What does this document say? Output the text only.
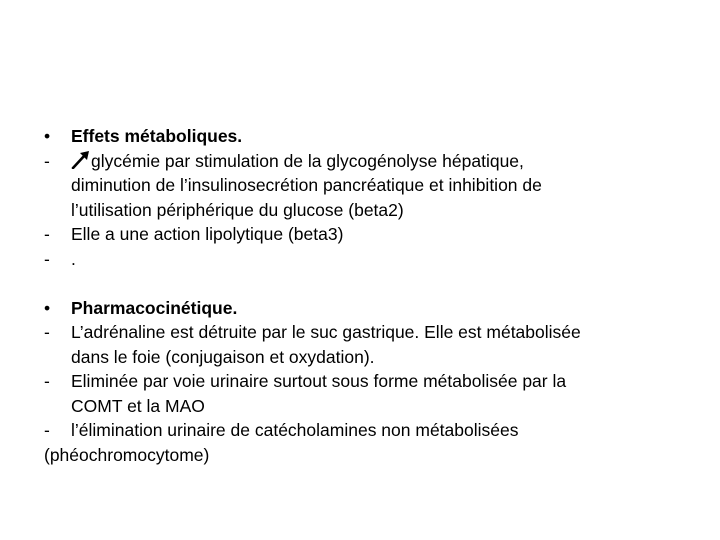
•	Effets métaboliques.
-	glycémie par stimulation de la glycogénolyse hépatique,
diminution de l’insulinosecrétion pancréatique et inhibition de
l’utilisation périphérique du glucose (beta2)
-	Elle a une action lipolytique (beta3)
-	.
•	Pharmacocinétique.
-	L’adrénaline est détruite par le suc gastrique. Elle est métabolisée
dans le foie (conjugaison et oxydation).
-	Eliminée par voie urinaire surtout sous forme métabolisée par la
COMT et la MAO
-	l’élimination urinaire de catécholamines non métabolisées
(phéochromocytome)
